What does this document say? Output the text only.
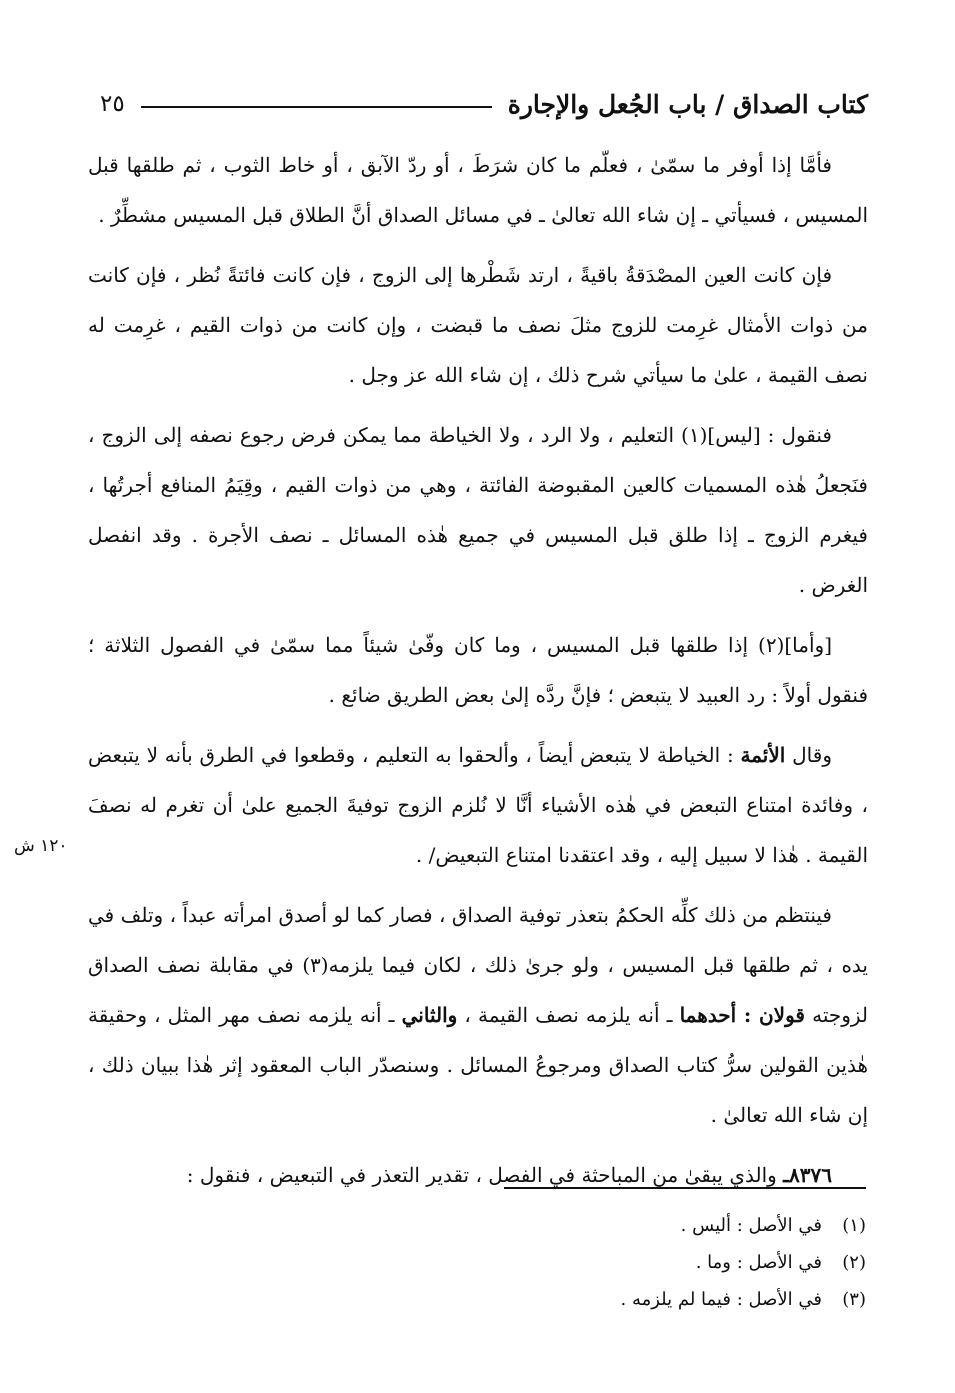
كتاب الصداق / باب الجُعل والإجارة
٢٥

فأمَّا إذا أوفر ما سمّىٰ ، فعلّم ما كان شرَطَ ، أو ردّ الآبق ، أو خاط الثوب ، ثم طلقها قبل المسيس ، فسيأتي ـ إن شاء الله تعالىٰ ـ في مسائل الصداق أنَّ الطلاق قبل المسيس مشطِّرٌ .

فإن كانت العين المصْدَقةُ باقيةً ، ارتد شَطْرها إلى الزوج ، فإن كانت فائتةً نُظر ، فإن كانت من ذوات الأمثال غرِمت للزوج مثلَ نصف ما قبضت ، وإن كانت من ذوات القيم ، غرِمت له نصف القيمة ، علىٰ ما سيأتي شرح ذلك ، إن شاء الله عز وجل .

فنقول : [ليس](١) التعليم ، ولا الرد ، ولا الخياطة مما يمكن فرض رجوع نصفه إلى الزوج ، فنَجعلُ هٰذه المسميات كالعين المقبوضة الفائتة ، وهي من ذوات القيم ، وقِيَمُ المنافع أجرتُها ، فيغرم الزوج ـ إذا طلق قبل المسيس في جميع هٰذه المسائل ـ نصف الأجرة . وقد انفصل الغرض .

[وأما](٢) إذا طلقها قبل المسيس ، وما كان وفّىٰ شيئاً مما سمّىٰ في الفصول الثلاثة ؛ فنقول أولاً : رد العبيد لا يتبعض ؛ فإنَّ ردَّه إلىٰ بعض الطريق ضائع .

وقال الأئمة : الخياطة لا يتبعض أيضاً ، وألحقوا به التعليم ، وقطعوا في الطرق بأنه لا يتبعض ، وفائدة امتناع التبعض في هٰذه الأشياء أنَّا لا نُلزم الزوج توفيةَ الجميع علىٰ أن تغرم له نصفَ القيمة . هٰذا لا سبيل إليه ، وقد اعتقدنا امتناع التبعيض/ .

فينتظم من ذلك كلِّه الحكمُ بتعذر توفية الصداق ، فصار كما لو أصدق امرأته عبداً ، وتلف في يده ، ثم طلقها قبل المسيس ، ولو جرىٰ ذلك ، لكان فيما يلزمه(٣) في مقابلة نصف الصداق لزوجته قولان : أحدهما ـ أنه يلزمه نصف القيمة ، والثاني ـ أنه يلزمه نصف مهر المثل ، وحقيقة هٰذين القولين سرُّ كتاب الصداق ومرجوعُ المسائل . وسنصدّر الباب المعقود إثر هٰذا ببيان ذلك ، إن شاء الله تعالىٰ .

٨٣٧٦ـ والذي يبقىٰ من المباحثة في الفصل ، تقدير التعذر في التبعيض ، فنقول :

١٢٠ ش
(١)في الأصل : أليس .
(٢)في الأصل : وما .
(٣)في الأصل : فيما لم يلزمه .
